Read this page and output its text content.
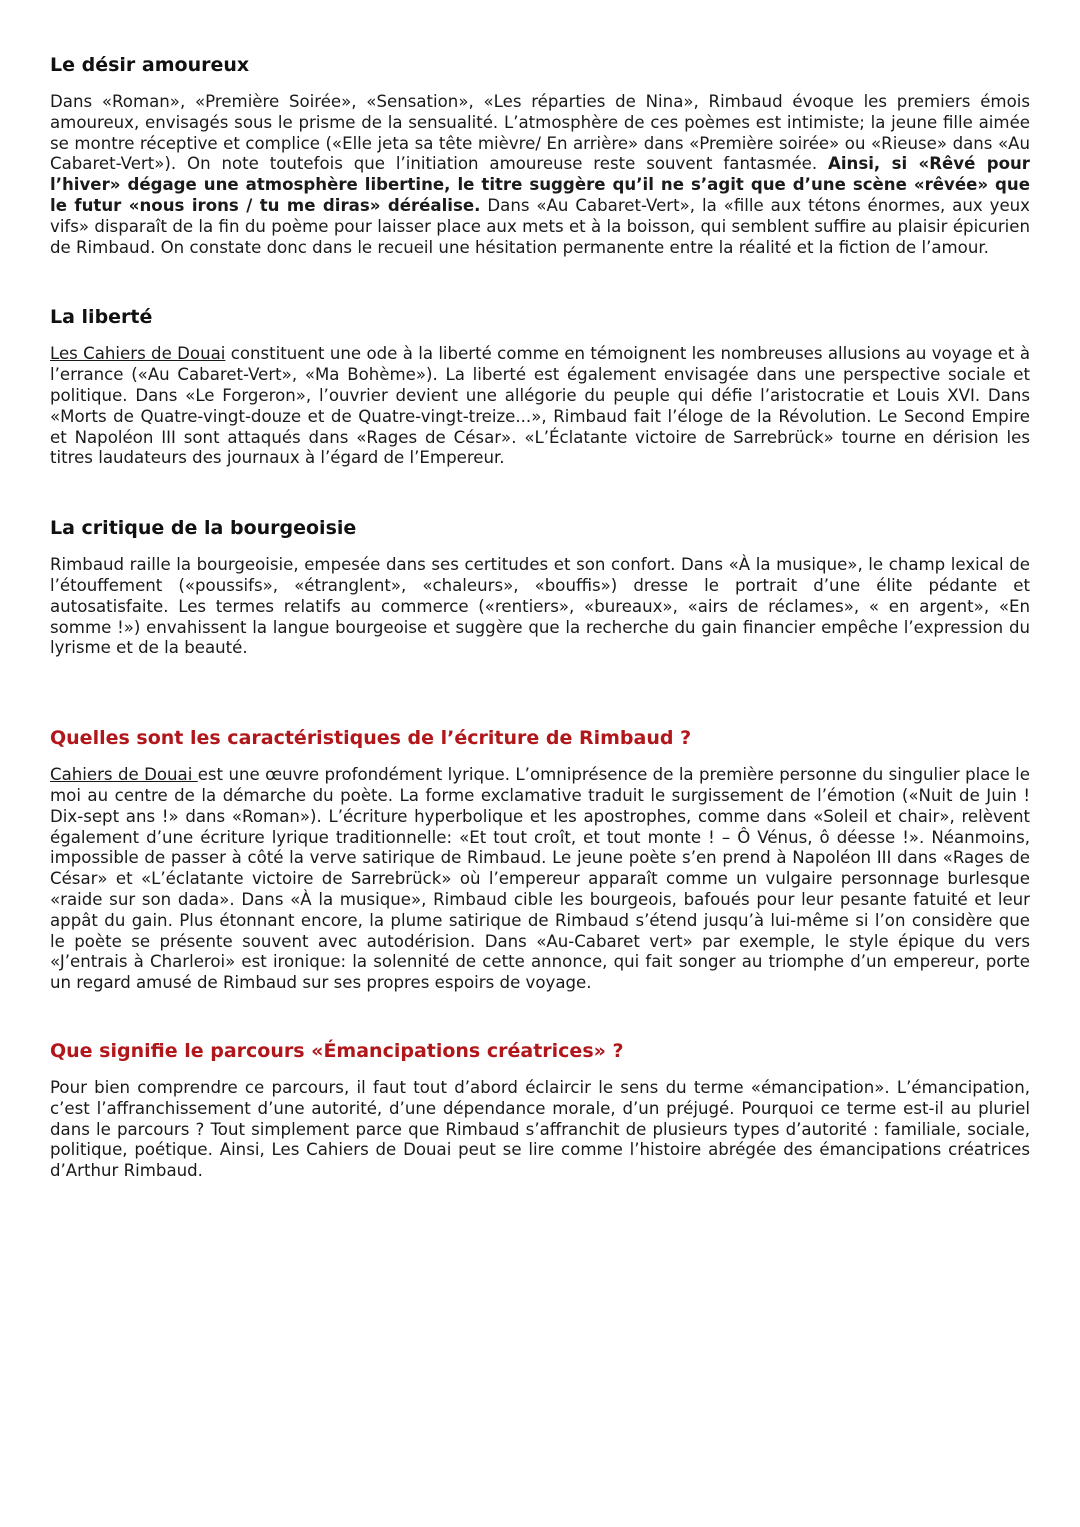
Le désir amoureux

Dans «Roman», «Première Soirée», «Sensation», «Les réparties de Nina», Rimbaud évoque les premiers émois amoureux, envisagés sous le prisme de la sensualité. L’atmosphère de ces poèmes est intimiste; la jeune fille aimée se montre réceptive et complice («Elle jeta sa tête mièvre/ En arrière» dans «Première soirée» ou «Rieuse» dans «Au Cabaret-Vert»). On note toutefois que l’initiation amoureuse reste souvent fantasmée. Ainsi, si «Rêvé pour l’hiver» dégage une atmosphère libertine, le titre suggère qu’il ne s’agit que d’une scène «rêvée» que le futur «nous irons / tu me diras» déréalise. Dans «Au Cabaret-Vert», la «fille aux tétons énormes, aux yeux vifs» disparaît de la fin du poème pour laisser place aux mets et à la boisson, qui semblent suffire au plaisir épicurien de Rimbaud. On constate donc dans le recueil une hésitation permanente entre la réalité et la fiction de l’amour.

La liberté

Les Cahiers de Douai constituent une ode à la liberté comme en témoignent les nombreuses allusions au voyage et à l’errance («Au Cabaret-Vert», «Ma Bohème»). La liberté est également envisagée dans une perspective sociale et politique. Dans «Le Forgeron», l’ouvrier devient une allégorie du peuple qui défie l’aristocratie et Louis XVI. Dans «Morts de Quatre-vingt-douze et de Quatre-vingt-treize...», Rimbaud fait l’éloge de la Révolution. Le Second Empire et Napoléon III sont attaqués dans «Rages de César». «L’Éclatante victoire de Sarrebrück» tourne en dérision les titres laudateurs des journaux à l’égard de l’Empereur.

La critique de la bourgeoisie

Rimbaud raille la bourgeoisie, empesée dans ses certitudes et son confort. Dans «À la musique», le champ lexical de l’étouffement («poussifs», «étranglent», «chaleurs», «bouffis») dresse le portrait d’une élite pédante et autosatisfaite. Les termes relatifs au commerce («rentiers», «bureaux», «airs de réclames», « en argent», «En somme !») envahissent la langue bourgeoise et suggère que la recherche du gain financier empêche l’expression du lyrisme et de la beauté.

Quelles sont les caractéristiques de l’écriture de Rimbaud ?

Cahiers de Douai est une œuvre profondément lyrique. L’omniprésence de la première personne du singulier place le moi au centre de la démarche du poète. La forme exclamative traduit le surgissement de l’émotion («Nuit de Juin ! Dix-sept ans !» dans «Roman»). L’écriture hyperbolique et les apostrophes, comme dans «Soleil et chair», relèvent également d’une écriture lyrique traditionnelle: «Et tout croît, et tout monte ! – Ô Vénus, ô déesse !». Néanmoins, impossible de passer à côté la verve satirique de Rimbaud. Le jeune poète s’en prend à Napoléon III dans «Rages de César» et «L’éclatante victoire de Sarrebrück» où l’empereur apparaît comme un vulgaire personnage burlesque «raide sur son dada». Dans «À la musique», Rimbaud cible les bourgeois, bafoués pour leur pesante fatuité et leur appât du gain. Plus étonnant encore, la plume satirique de Rimbaud s’étend jusqu’à lui-même si l’on considère que le poète se présente souvent avec autodérision. Dans «Au-Cabaret vert» par exemple, le style épique du vers «J’entrais à Charleroi» est ironique: la solennité de cette annonce, qui fait songer au triomphe d’un empereur, porte un regard amusé de Rimbaud sur ses propres espoirs de voyage.

Que signifie le parcours «Émancipations créatrices» ?

Pour bien comprendre ce parcours, il faut tout d’abord éclaircir le sens du terme «émancipation». L’émancipation, c’est l’affranchissement d’une autorité, d’une dépendance morale, d’un préjugé. Pourquoi ce terme est-il au pluriel dans le parcours ? Tout simplement parce que Rimbaud s’affranchit de plusieurs types d’autorité : familiale, sociale, politique, poétique. Ainsi, Les Cahiers de Douai peut se lire comme l’histoire abrégée des émancipations créatrices d’Arthur Rimbaud.
